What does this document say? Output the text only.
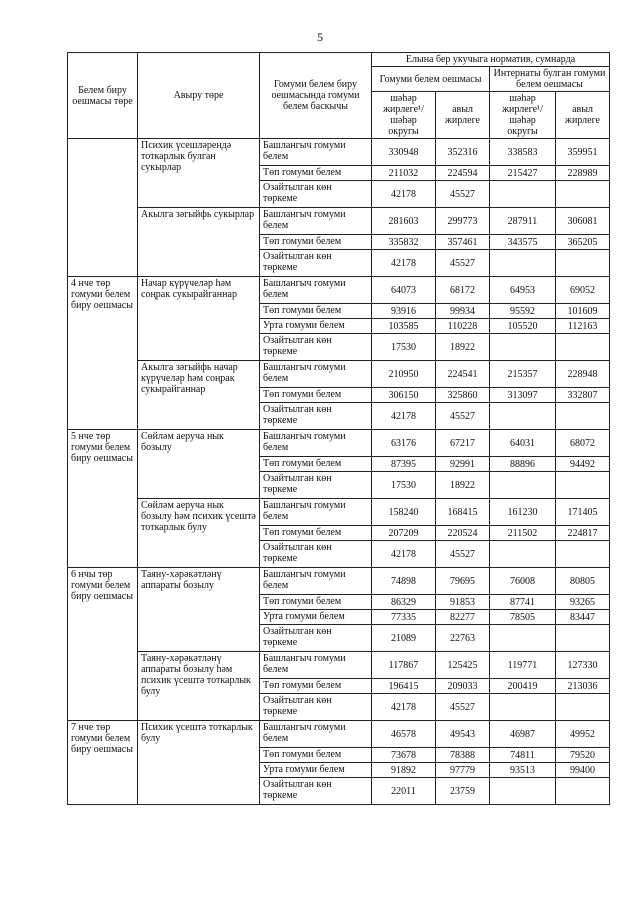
5
Белем биру оешмасы төре	Авыру төре	Гомуми белем биру оешмасында гомуми белем баскычы	Елына бер укучыга норматив, сумнарда			
			Гомуми белем оешмасы		Интернаты булган гомуми белем оешмасы	
			шәһәр жирлеге¹/ шәһәр округы	авыл жирлеге	шәһәр жирлеге¹/ шәһәр округы	авыл жирлеге
	Психик үсешләрендә тоткарлык булган сукырлар	Башлангыч гомуми белем	330948	352316	338583	359951
		Төп гомуми белем	211032	224594	215427	228989
		Озайтылган көн төркеме	42178	45527		
	Акылга зәгыйфь сукырлар	Башлангыч гомуми белем	281603	299773	287911	306081
		Төп гомуми белем	335832	357461	343575	365205
		Озайтылган көн төркеме	42178	45527		
4 нче төр гомуми белем биру оешмасы	Начар күрүчеләр һәм соңрак сукырайганнар	Башлангыч гомуми белем	64073	68172	64953	69052
		Төп гомуми белем	93916	99934	95592	101609
		Урта гомуми белем	103585	110228	105520	112163
		Озайтылган көн төркеме	17530	18922		
	Акылга зәгыйфь начар күрүчеләр һәм соңрак сукырайганнар	Башлангыч гомуми белем	210950	224541	215357	228948
		Төп гомуми белем	306150	325860	313097	332807
		Озайтылган көн төркеме	42178	45527		
5 нче төр гомуми белем биру оешмасы	Сөйләм аеруча нык бозылу	Башлангыч гомуми белем	63176	67217	64031	68072
		Төп гомуми белем	87395	92991	88896	94492
		Озайтылган көн төркеме	17530	18922		
	Сөйләм аеруча нык бозылу һәм психик үсештә тоткарлык булу	Башлангыч гомуми белем	158240	168415	161230	171405
		Төп гомуми белем	207209	220524	211502	224817
		Озайтылган көн төркеме	42178	45527		
6 нчы төр гомуми белем биру оешмасы	Таяну-хәрәкәтләнү аппараты бозылу	Башлангыч гомуми белем	74898	79695	76008	80805
		Төп гомуми белем	86329	91853	87741	93265
		Урта гомуми белем	77335	82277	78505	83447
		Озайтылган көн төркеме	21089	22763		
	Таяну-хәрәкәтләнү аппараты бозылу һәм психик үсештә тоткарлык булу	Башлангыч гомуми белем	117867	125425	119771	127330
		Төп гомуми белем	196415	209033	200419	213036
		Озайтылган көн төркеме	42178	45527		
7 нче төр гомуми белем биру оешмасы	Психик үсештә тоткарлык булу	Башлангыч гомуми белем	46578	49543	46987	49952
		Төп гомуми белем	73678	78388	74811	79520
		Урта гомуми белем	91892	97779	93513	99400
		Озайтылган көн төркеме	22011	23759		
